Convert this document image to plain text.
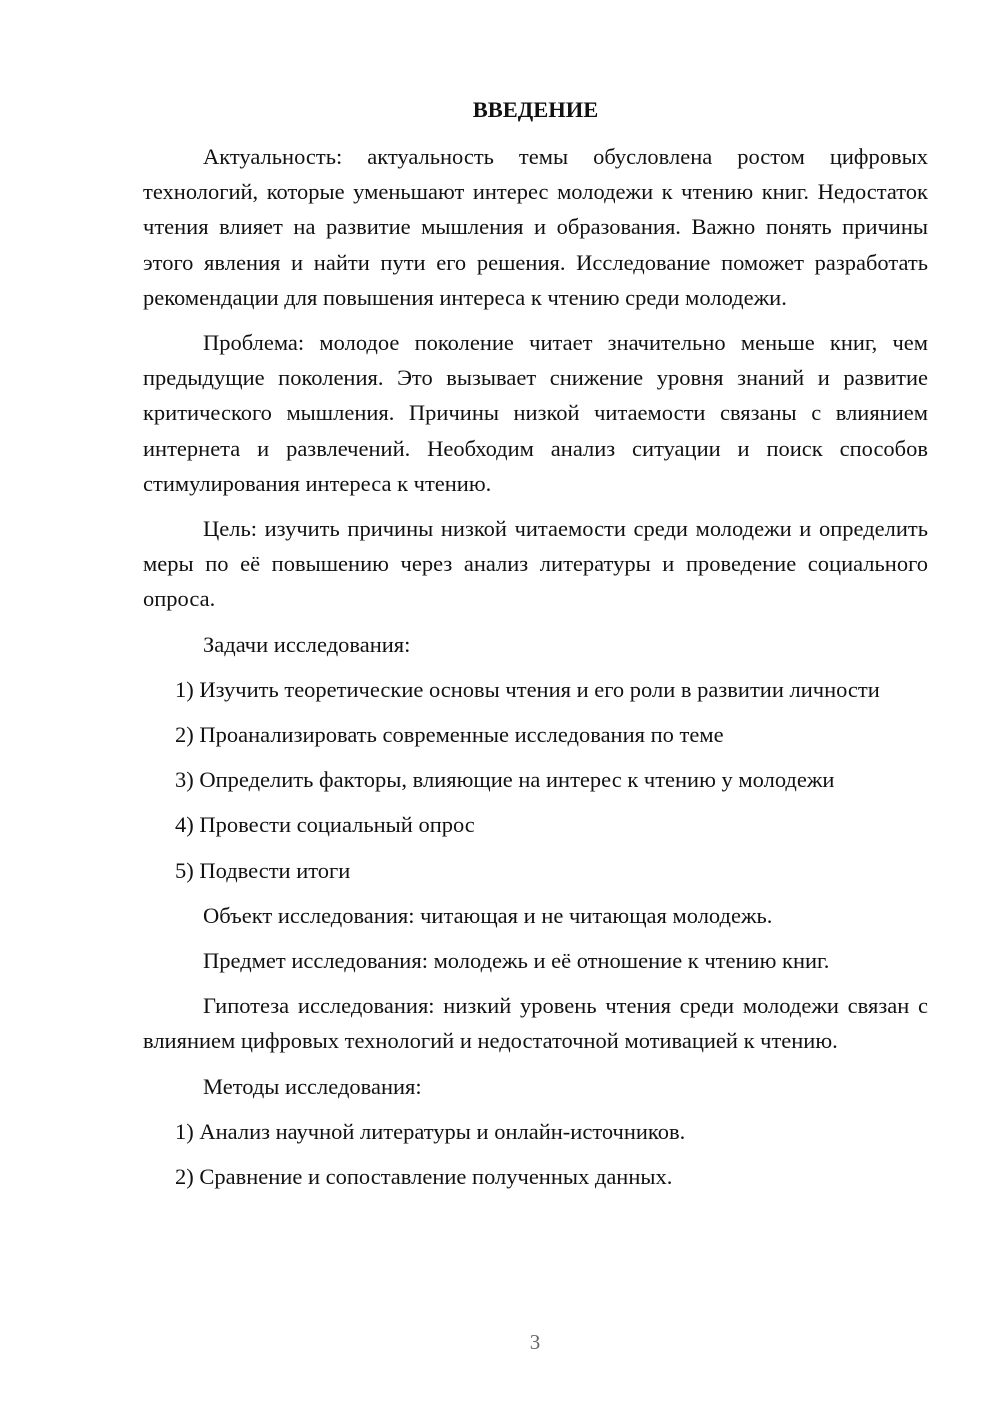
ВВЕДЕНИЕ

Актуальность: актуальность темы обусловлена ростом цифровых технологий, которые уменьшают интерес молодежи к чтению книг. Недостаток чтения влияет на развитие мышления и образования. Важно понять причины этого явления и найти пути его решения. Исследование поможет разработать рекомендации для повышения интереса к чтению среди молодежи.

Проблема: молодое поколение читает значительно меньше книг, чем предыдущие поколения. Это вызывает снижение уровня знаний и развитие критического мышления. Причины низкой читаемости связаны с влиянием интернета и развлечений. Необходим анализ ситуации и поиск способов стимулирования интереса к чтению.

Цель: изучить причины низкой читаемости среди молодежи и определить меры по её повышению через анализ литературы и проведение социального опроса.

Задачи исследования:

1) Изучить теоретические основы чтения и его роли в развитии личности

2) Проанализировать современные исследования по теме

3) Определить факторы, влияющие на интерес к чтению у молодежи

4) Провести социальный опрос

5) Подвести итоги

Объект исследования: читающая и не читающая молодежь.

Предмет исследования: молодежь и её отношение к чтению книг.

Гипотеза исследования: низкий уровень чтения среди молодежи связан с влиянием цифровых технологий и недостаточной мотивацией к чтению.

Методы исследования:

1) Анализ научной литературы и онлайн-источников.

2) Сравнение и сопоставление полученных данных.

3
